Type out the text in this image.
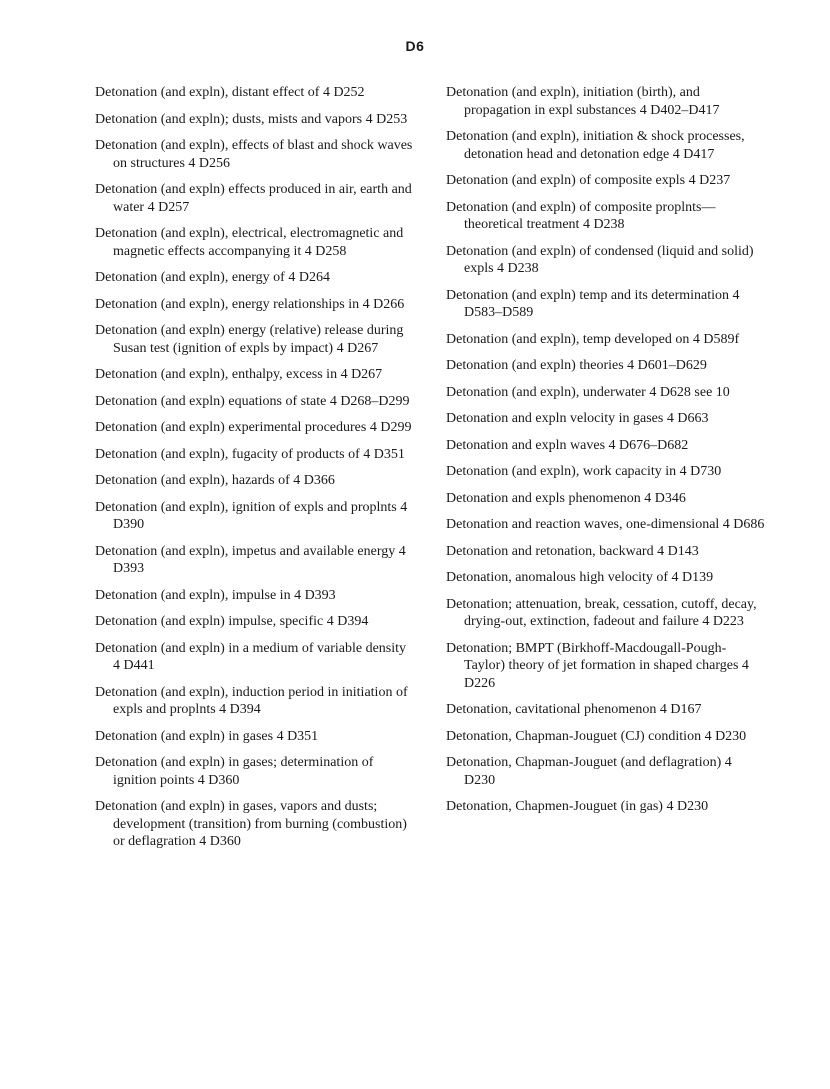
D6

Detonation (and expln), distant effect of 4 D252

Detonation (and expln); dusts, mists and vapors 4 D253

Detonation (and expln), effects of blast and shock waves on structures 4 D256

Detonation (and expln) effects produced in air, earth and water 4 D257

Detonation (and expln), electrical, electromagnetic and magnetic effects accompanying it 4 D258

Detonation (and expln), energy of 4 D264

Detonation (and expln), energy relationships in 4 D266

Detonation (and expln) energy (relative) release during Susan test (ignition of expls by impact) 4 D267

Detonation (and expln), enthalpy, excess in 4 D267

Detonation (and expln) equations of state 4 D268–D299

Detonation (and expln) experimental procedures 4 D299

Detonation (and expln), fugacity of products of 4 D351

Detonation (and expln), hazards of 4 D366

Detonation (and expln), ignition of expls and proplnts 4 D390

Detonation (and expln), impetus and available energy 4 D393

Detonation (and expln), impulse in 4 D393

Detonation (and expln) impulse, specific 4 D394

Detonation (and expln) in a medium of variable density 4 D441

Detonation (and expln), induction period in initiation of expls and proplnts 4 D394

Detonation (and expln) in gases 4 D351

Detonation (and expln) in gases; determination of ignition points 4 D360

Detonation (and expln) in gases, vapors and dusts; development (transition) from burning (combustion) or deflagration 4 D360

Detonation (and expln), initiation (birth), and propagation in expl substances 4 D402–D417

Detonation (and expln), initiation & shock processes, detonation head and detonation edge 4 D417

Detonation (and expln) of composite expls 4 D237

Detonation (and expln) of composite proplnts—theoretical treatment 4 D238

Detonation (and expln) of condensed (liquid and solid) expls 4 D238

Detonation (and expln) temp and its determination 4 D583–D589

Detonation (and expln), temp developed on 4 D589f

Detonation (and expln) theories 4 D601–D629

Detonation (and expln), underwater 4 D628 see 10

Detonation and expln velocity in gases 4 D663

Detonation and expln waves 4 D676–D682

Detonation (and expln), work capacity in 4 D730

Detonation and expls phenomenon 4 D346

Detonation and reaction waves, one-dimensional 4 D686

Detonation and retonation, backward 4 D143

Detonation, anomalous high velocity of 4 D139

Detonation; attenuation, break, cessation, cutoff, decay, drying-out, extinction, fadeout and failure 4 D223

Detonation; BMPT (Birkhoff-Macdougall-Pough-Taylor) theory of jet formation in shaped charges 4 D226

Detonation, cavitational phenomenon 4 D167

Detonation, Chapman-Jouguet (CJ) condition 4 D230

Detonation, Chapman-Jouguet (and deflagration) 4 D230

Detonation, Chapmen-Jouguet (in gas) 4 D230
